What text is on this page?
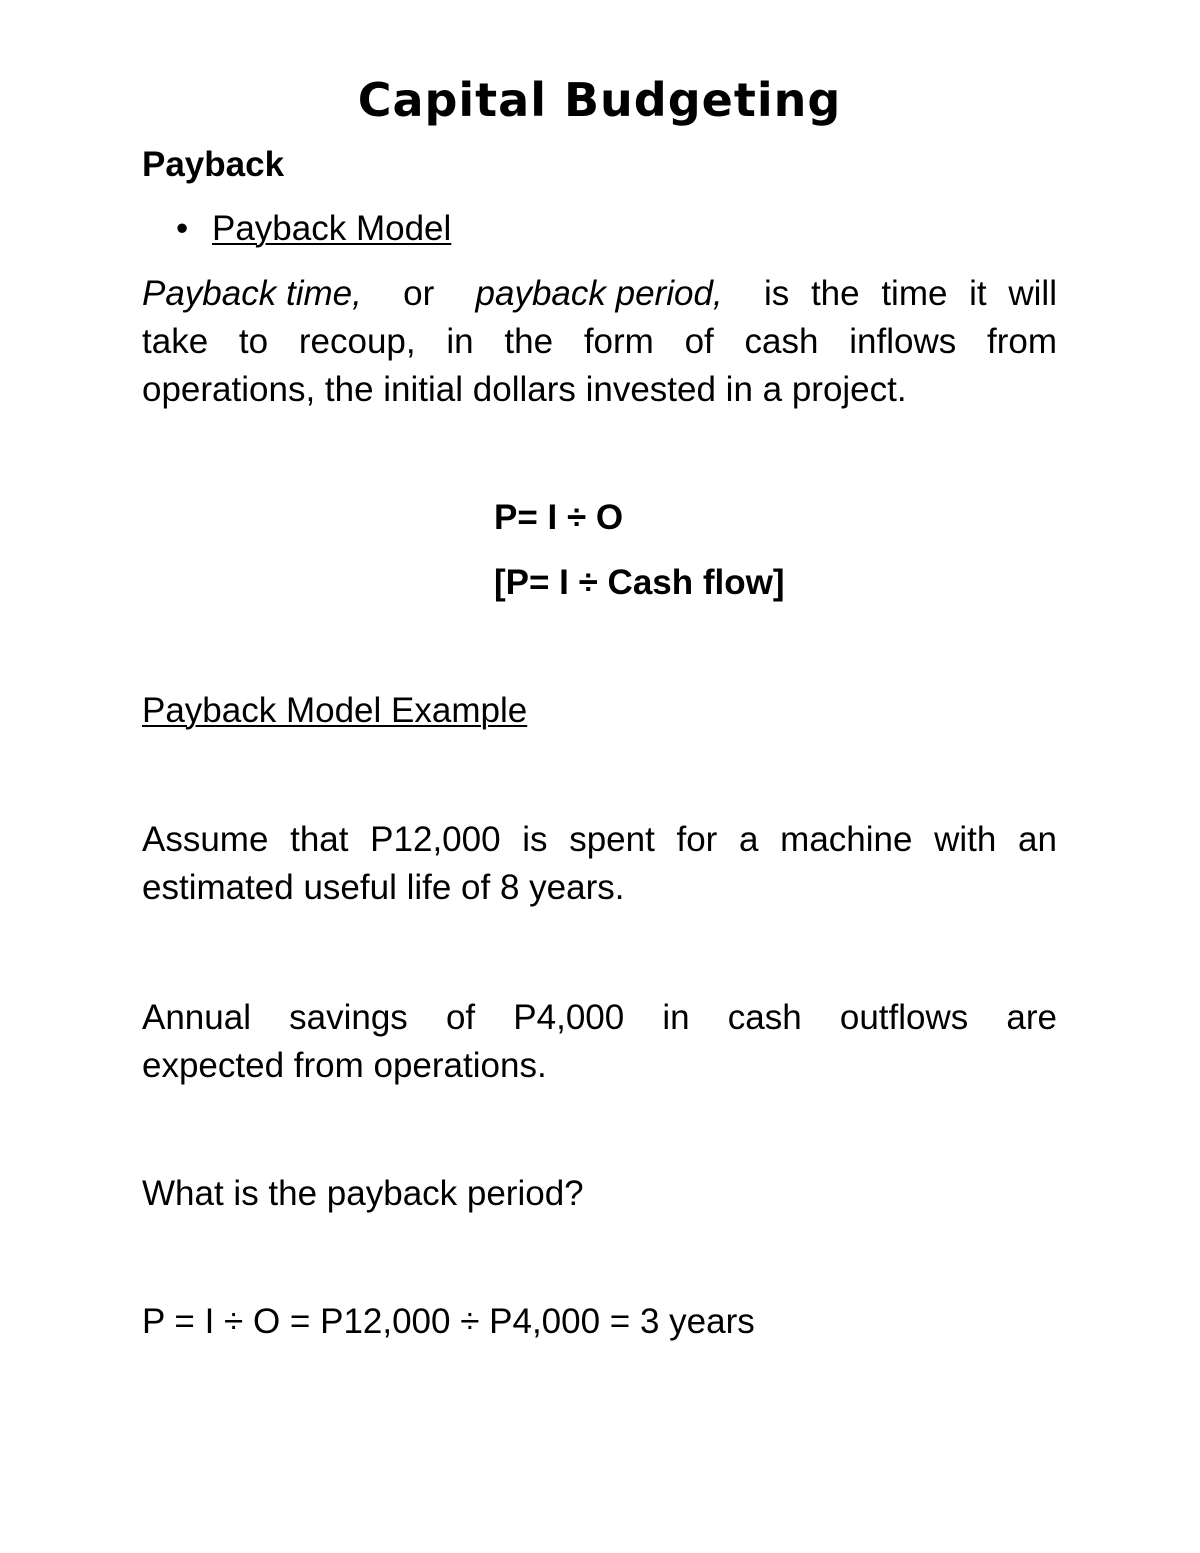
Capital Budgeting
Payback
• Payback Model
Payback time, or payback period, is the time it will
take to recoup, in the form of cash inflows from
operations, the initial dollars invested in a project.
P= I ÷ O
[P= I ÷ Cash flow]
Payback Model Example
Assume that P12,000 is spent for a machine with an
estimated useful life of 8 years.
Annual savings of P4,000 in cash outflows are
expected from operations.
What is the payback period?
P = I ÷ O = P12,000 ÷ P4,000 = 3 years
